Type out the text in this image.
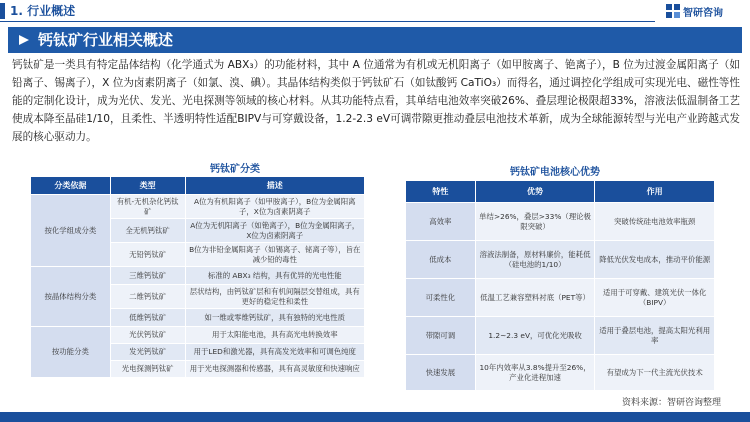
1. 行业概述	智研咨询
钙钛矿行业相关概述
钙钛矿是一类具有特定晶体结构（化学通式为 ABX₃）的功能材料，其中 A 位通常为有机或无机阳离子（如甲胺离子、铯离子），B 位为过渡金属阳离子（如铅离子、锡离子），X 位为卤素阴离子（如氯、溴、碘）。其晶体结构类似于钙钛矿石（如钛酸钙 CaTiO₃）而得名，通过调控化学组成可实现光电、磁性等性能的定制化设计，成为光伏、发光、光电探测等领域的核心材料。从其功能特点看，其单结电池效率突破26%、叠层理论极限超33%，溶液法低温制备工艺使成本降至晶硅1/10，且柔性、半透明特性适配BIPV与可穿戴设备，1.2-2.3 eV可调带隙更推动叠层电池技术革新，成为全球能源转型与光电产业跨越式发展的核心驱动力。
钙钛矿分类
分类依据	类型	描述
按化学组成分类	有机-无机杂化钙钛矿	A位为有机阳离子（如甲胺离子），B位为金属阳离子，X位为卤素阴离子
	全无机钙钛矿	A位为无机阳离子（如铯离子），B位为金属阳离子，X位为卤素阴离子
	无铅钙钛矿	B位为非铅金属阳离子（如锡离子、铋离子等），旨在减少铅的毒性
按晶体结构分类	三维钙钛矿	标准的 ABX₃ 结构，具有优异的光电性能
	二维钙钛矿	层状结构，由钙钛矿层和有机间隔层交替组成，具有更好的稳定性和柔性
	低维钙钛矿	如一维或零维钙钛矿，具有独特的光电性质
按功能分类	光伏钙钛矿	用于太阳能电池，具有高光电转换效率
	发光钙钛矿	用于LED和激光器，具有高发光效率和可调色纯度
	光电探测钙钛矿	用于光电探测器和传感器，具有高灵敏度和快速响应
钙钛矿电池核心优势
特性	优势	作用
高效率	单结>26%，叠层>33%（理论极限突破）	突破传统硅电池效率瓶颈
低成本	溶液法制备，原材料廉价，能耗低（硅电池的1/10）	降低光伏发电成本，推动平价能源
可柔性化	低温工艺兼容塑料衬底（PET等）	适用于可穿戴、建筑光伏一体化（BIPV）
带隙可调	1.2~2.3 eV，可优化光吸收	适用于叠层电池，提高太阳光利用率
快速发展	10年内效率从3.8%提升至26%，产业化进程加速	有望成为下一代主流光伏技术
资料来源：智研咨询整理
